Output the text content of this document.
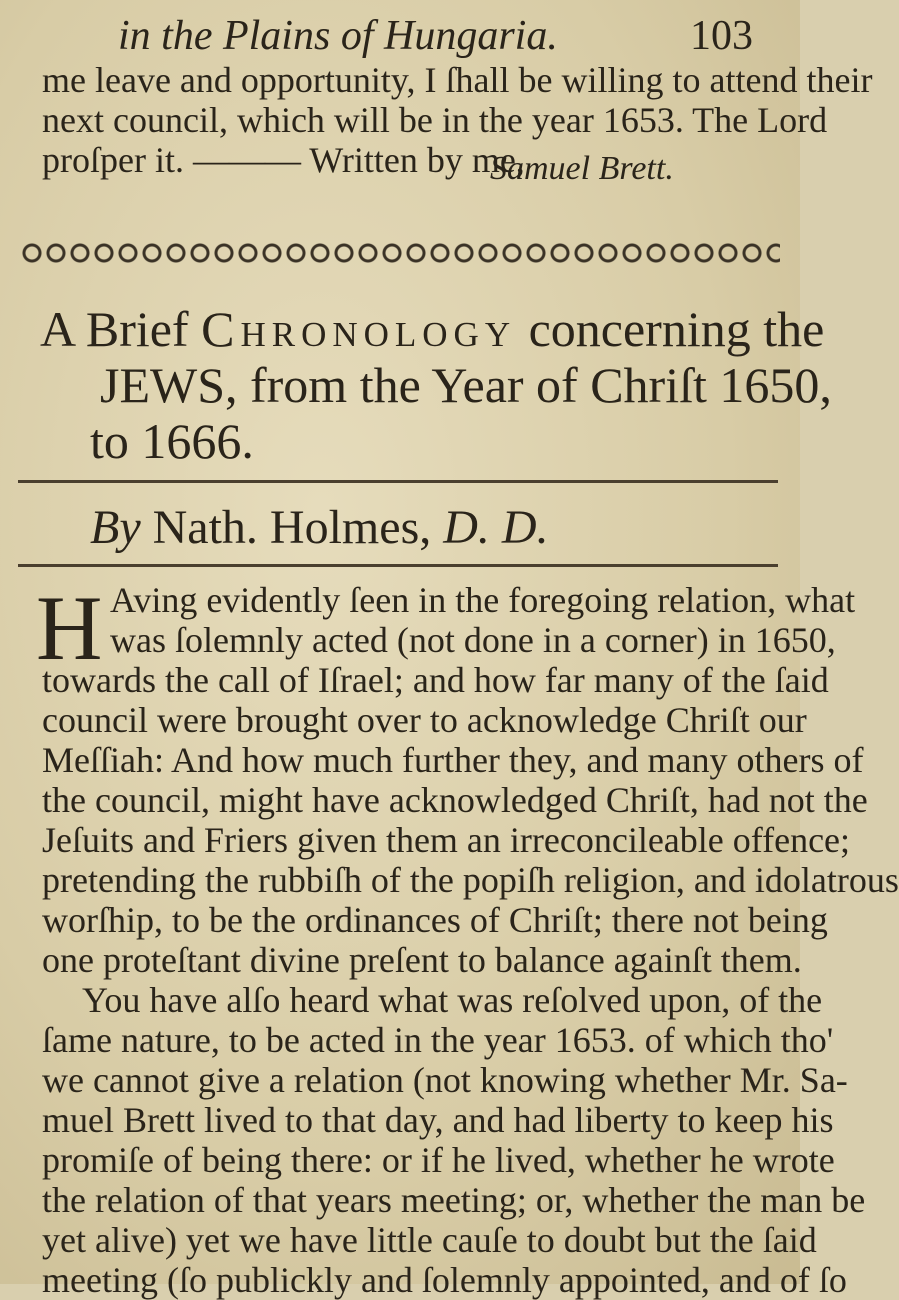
in the Plains of Hungaria.	103
me leave and opportunity, I ſhall be willing to attend their
next council, which will be in the year 1653. The Lord
proſper it. ——— Written by me,
Samuel Brett.
A Brief Chronology concerning the
JEWS, from the Year of Chriſt 1650,
to 1666.
By Nath. Holmes, D. D.
H Aving evidently ſeen in the foregoing relation, what
was ſolemnly acted (not done in a corner) in 1650,
towards the call of Iſrael; and how far many of the ſaid
council were brought over to acknowledge Chriſt our
Meſſiah: And how much further they, and many others of
the council, might have acknowledged Chriſt, had not the
Jeſuits and Friers given them an irreconcileable offence;
pretending the rubbiſh of the popiſh religion, and idolatrous
worſhip, to be the ordinances of Chriſt; there not being
one proteſtant divine preſent to balance againſt them.
You have alſo heard what was reſolved upon, of the
ſame nature, to be acted in the year 1653. of which tho'
we cannot give a relation (not knowing whether Mr. Sa-
muel Brett lived to that day, and had liberty to keep his
promiſe of being there: or if he lived, whether he wrote
the relation of that years meeting; or, whether the man be
yet alive) yet we have little cauſe to doubt but the ſaid
meeting (ſo publickly and ſolemnly appointed, and of ſo
